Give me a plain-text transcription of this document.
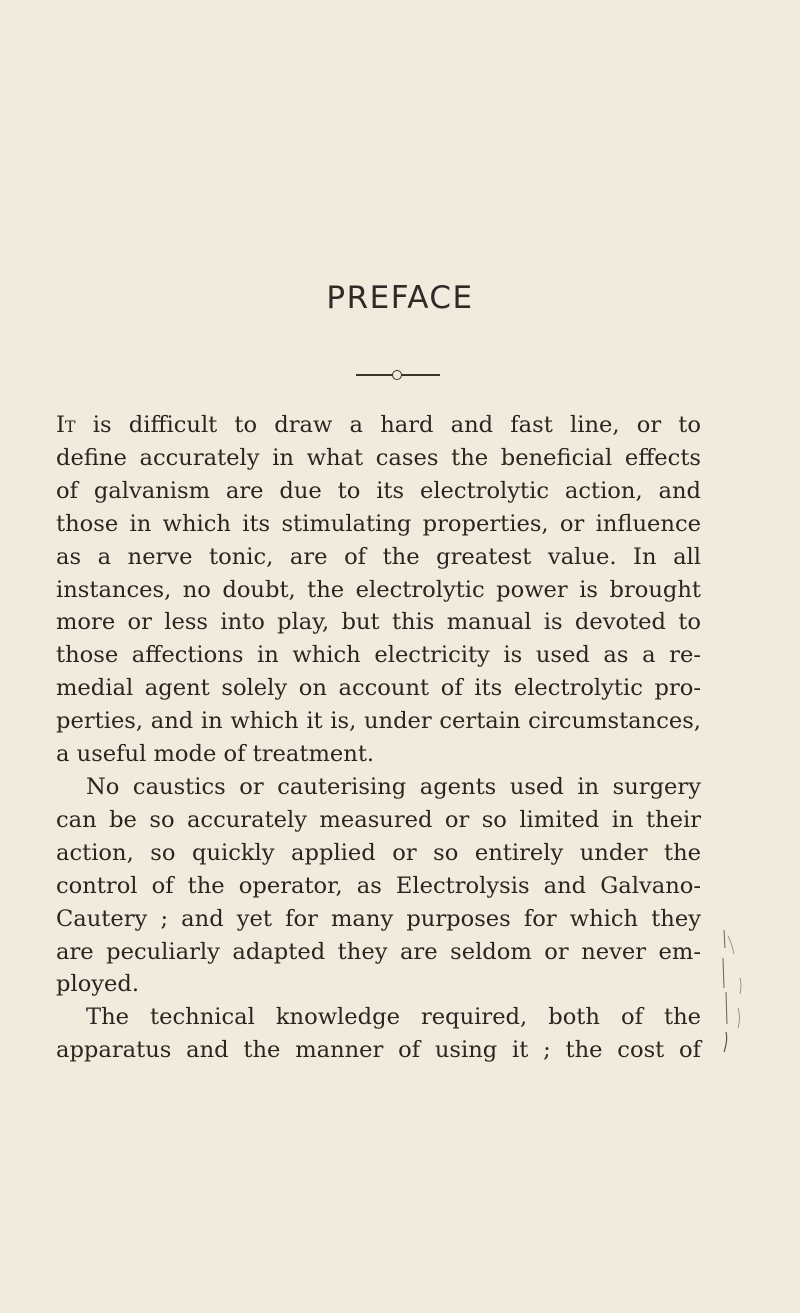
PREFACE
It is difficult to draw a hard and fast line, or to
define accurately in what cases the beneficial effects
of galvanism are due to its electrolytic action, and
those in which its stimulating properties, or influence
as a nerve tonic, are of the greatest value. In all
instances, no doubt, the electrolytic power is brought
more or less into play, but this manual is devoted to
those affections in which electricity is used as a re-
medial agent solely on account of its electrolytic pro-
perties, and in which it is, under certain circumstances,
a useful mode of treatment.
No caustics or cauterising agents used in surgery
can be so accurately measured or so limited in their
action, so quickly applied or so entirely under the
control of the operator, as Electrolysis and Galvano-
Cautery ; and yet for many purposes for which they
are peculiarly adapted they are seldom or never em-
ployed.
The technical knowledge required, both of the
apparatus and the manner of using it ; the cost of
